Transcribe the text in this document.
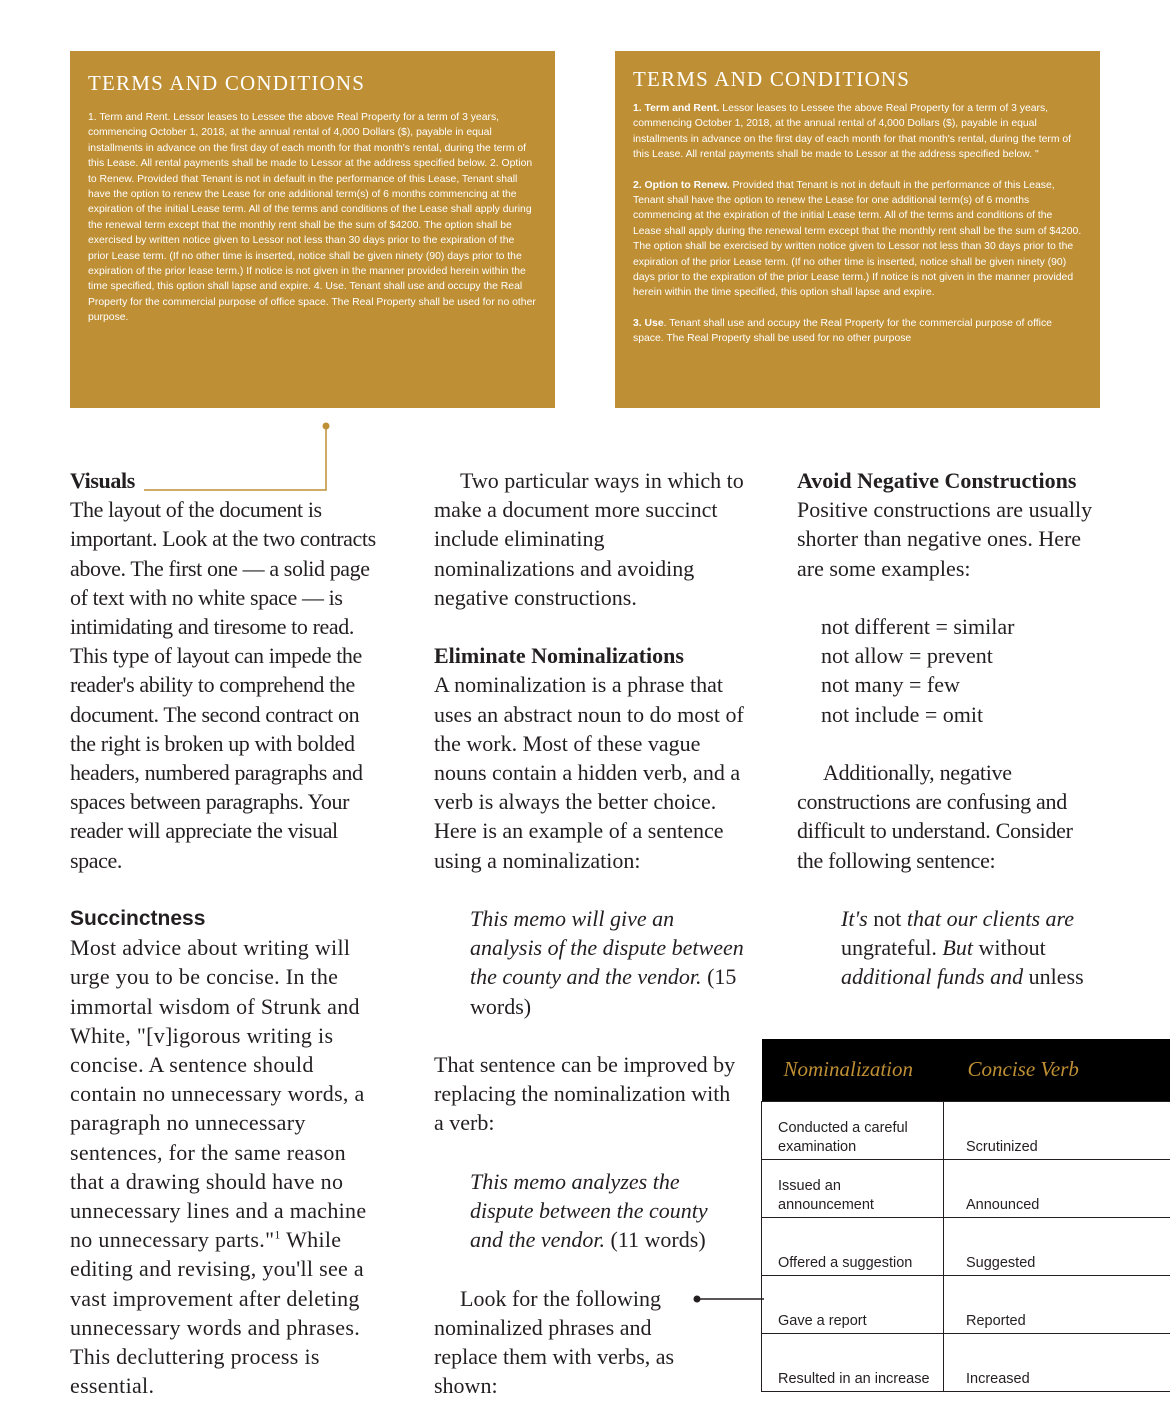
TERMS AND CONDITIONS

1. Term and Rent. Lessor leases to Lessee the above Real Property for a term of 3 years, commencing October 1, 2018, at the annual rental of 4,000 Dollars ($), payable in equal installments in advance on the first day of each month for that month's rental, during the term of this Lease. All rental payments shall be made to Lessor at the address specified below. 2. Option to Renew. Provided that Tenant is not in default in the performance of this Lease, Tenant shall have the option to renew the Lease for one additional term(s) of 6 months commencing at the expiration of the initial Lease term. All of the terms and conditions of the Lease shall apply during the renewal term except that the monthly rent shall be the sum of $4200. The option shall be exercised by written notice given to Lessor not less than 30 days prior to the expiration of the prior Lease term. (If no other time is inserted, notice shall be given ninety (90) days prior to the expiration of the prior lease term.) If notice is not given in the manner provided herein within the time specified, this option shall lapse and expire. 4. Use. Tenant shall use and occupy the Real Property for the commercial purpose of office space. The Real Property shall be used for no other purpose.

TERMS AND CONDITIONS

1. Term and Rent. Lessor leases to Lessee the above Real Property for a term of 3 years, commencing October 1, 2018, at the annual rental of 4,000 Dollars ($), payable in equal installments in advance on the first day of each month for that month's rental, during the term of this Lease. All rental payments shall be made to Lessor at the address specified below. "

2. Option to Renew. Provided that Tenant is not in default in the performance of this Lease, Tenant shall have the option to renew the Lease for one additional term(s) of 6 months commencing at the expiration of the initial Lease term. All of the terms and conditions of the Lease shall apply during the renewal term except that the monthly rent shall be the sum of $4200. The option shall be exercised by written notice given to Lessor not less than 30 days prior to the expiration of the prior Lease term. (If no other time is inserted, notice shall be given ninety (90) days prior to the expiration of the prior Lease term.) If notice is not given in the manner provided herein within the time specified, this option shall lapse and expire.

3. Use. Tenant shall use and occupy the Real Property for the commercial purpose of office space. The Real Property shall be used for no other purpose

Visuals

The layout of the document is important. Look at the two contracts above. The first one — a solid page of text with no white space — is intimidating and tiresome to read. This type of layout can impede the reader's ability to comprehend the document. The second contract on the right is broken up with bolded headers, numbered paragraphs and spaces between paragraphs. Your reader will appreciate the visual space.

Succinctness

Most advice about writing will urge you to be concise. In the immortal wisdom of Strunk and White, "[v]igorous writing is concise. A sentence should contain no unnecessary words, a paragraph no unnecessary sentences, for the same reason that a drawing should have no unnecessary lines and a machine no unnecessary parts."$^1$ While editing and revising, you'll see a vast improvement after deleting unnecessary words and phrases. This decluttering process is essential.

Two particular ways in which to make a document more succinct include eliminating nominalizations and avoiding negative constructions.

Eliminate Nominalizations

A nominalization is a phrase that uses an abstract noun to do most of the work. Most of these vague nouns contain a hidden verb, and a verb is always the better choice. Here is an example of a sentence using a nominalization:

This memo will give an analysis of the dispute between the county and the vendor. (15 words)

That sentence can be improved by replacing the nominalization with a verb:

This memo analyzes the dispute between the county and the vendor. (11 words)

Look for the following nominalized phrases and replace them with verbs, as shown:

Avoid Negative Constructions

Positive constructions are usually shorter than negative ones. Here are some examples:

not different = similar

not allow = prevent

not many = few

not include = omit

Additionally, negative constructions are confusing and difficult to understand. Consider the following sentence:

It's not that our clients are ungrateful. But without additional funds and unless

Nominalization	Concise Verb
Conducted a careful examination	Scrutinized
Issued an announcement	Announced
Offered a suggestion	Suggested
Gave a report	Reported
Resulted in an increase	Increased
